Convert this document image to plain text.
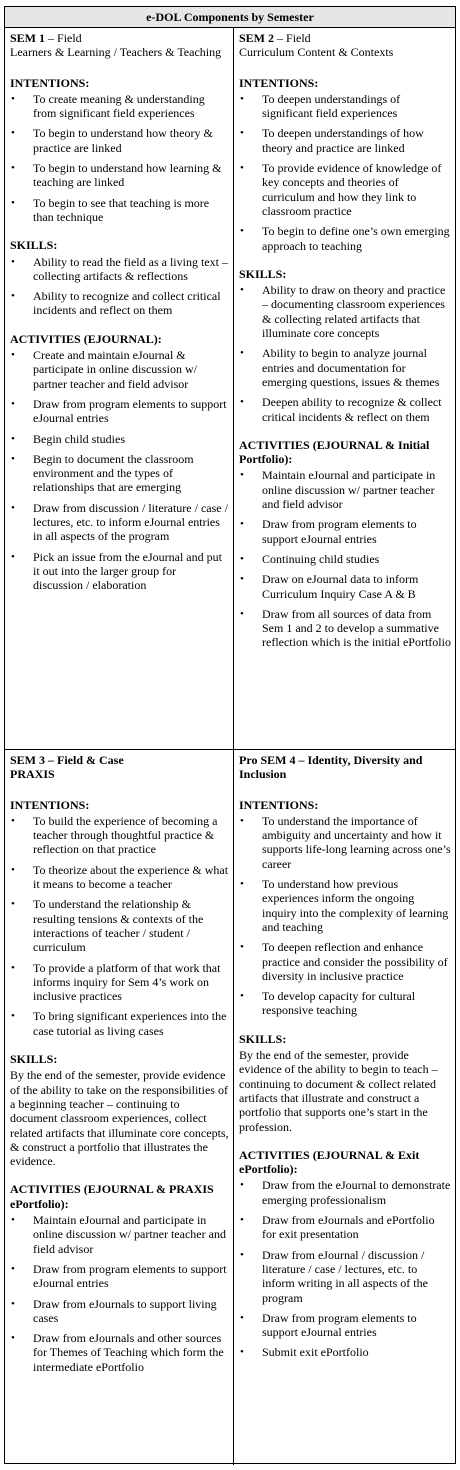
e-DOL Components by Semester
SEM 1 – Field
Learners & Learning / Teachers & Teaching
INTENTIONS:
• To create meaning & understanding from significant field experiences
• To begin to understand how theory & practice are linked
• To begin to understand how learning & teaching are linked
• To begin to see that teaching is more than technique
SKILLS:
• Ability to read the field as a living text – collecting artifacts & reflections
• Ability to recognize and collect critical incidents and reflect on them
ACTIVITIES (EJOURNAL):
• Create and maintain eJournal & participate in online discussion w/ partner teacher and field advisor
• Draw from program elements to support eJournal entries
• Begin child studies
• Begin to document the classroom environment and the types of relationships that are emerging
• Draw from discussion / literature / case / lectures, etc. to inform eJournal entries in all aspects of the program
• Pick an issue from the eJournal and put it out into the larger group for discussion / elaboration
SEM 2 – Field
Curriculum Content & Contexts
INTENTIONS:
• To deepen understandings of significant field experiences
• To deepen understandings of how theory and practice are linked
• To provide evidence of knowledge of key concepts and theories of curriculum and how they link to classroom practice
• To begin to define one’s own emerging approach to teaching
SKILLS:
• Ability to draw on theory and practice – documenting classroom experiences & collecting related artifacts that illuminate core concepts
• Ability to begin to analyze journal entries and documentation for emerging questions, issues & themes
• Deepen ability to recognize & collect critical incidents & reflect on them
ACTIVITIES (EJOURNAL & Initial Portfolio):
• Maintain eJournal and participate in online discussion w/ partner teacher and field advisor
• Draw from program elements to support eJournal entries
• Continuing child studies
• Draw on eJournal data to inform Curriculum Inquiry Case A & B
• Draw from all sources of data from Sem 1 and 2 to develop a summative reflection which is the initial ePortfolio
SEM 3 – Field & Case
PRAXIS
INTENTIONS:
• To build the experience of becoming a teacher through thoughtful practice & reflection on that practice
• To theorize about the experience & what it means to become a teacher
• To understand the relationship & resulting tensions & contexts of the interactions of teacher / student / curriculum
• To provide a platform of that work that informs inquiry for Sem 4’s work on inclusive practices
• To bring significant experiences into the case tutorial as living cases
SKILLS:

By the end of the semester, provide evidence of the ability to take on the responsibilities of a beginning teacher – continuing to document classroom experiences, collect related artifacts that illuminate core concepts, & construct a portfolio that illustrates the evidence.

ACTIVITIES (EJOURNAL & PRAXIS ePortfolio):
• Maintain eJournal and participate in online discussion w/ partner teacher and field advisor
• Draw from program elements to support eJournal entries
• Draw from eJournals to support living cases
• Draw from eJournals and other sources for Themes of Teaching which form the intermediate ePortfolio
Pro SEM 4 – Identity, Diversity and Inclusion
INTENTIONS:
• To understand the importance of ambiguity and uncertainty and how it supports life-long learning across one’s career
• To understand how previous experiences inform the ongoing inquiry into the complexity of learning and teaching
• To deepen reflection and enhance practice and consider the possibility of diversity in inclusive practice
• To develop capacity for cultural responsive teaching
SKILLS:

By the end of the semester, provide evidence of the ability to begin to teach – continuing to document & collect related artifacts that illustrate and construct a portfolio that supports one’s start in the profession.

ACTIVITIES (EJOURNAL & Exit ePortfolio):
• Draw from the eJournal to demonstrate emerging professionalism
• Draw from eJournals and ePortfolio for exit presentation
• Draw from eJournal / discussion / literature / case / lectures, etc. to inform writing in all aspects of the program
• Draw from program elements to support eJournal entries
• Submit exit ePortfolio
